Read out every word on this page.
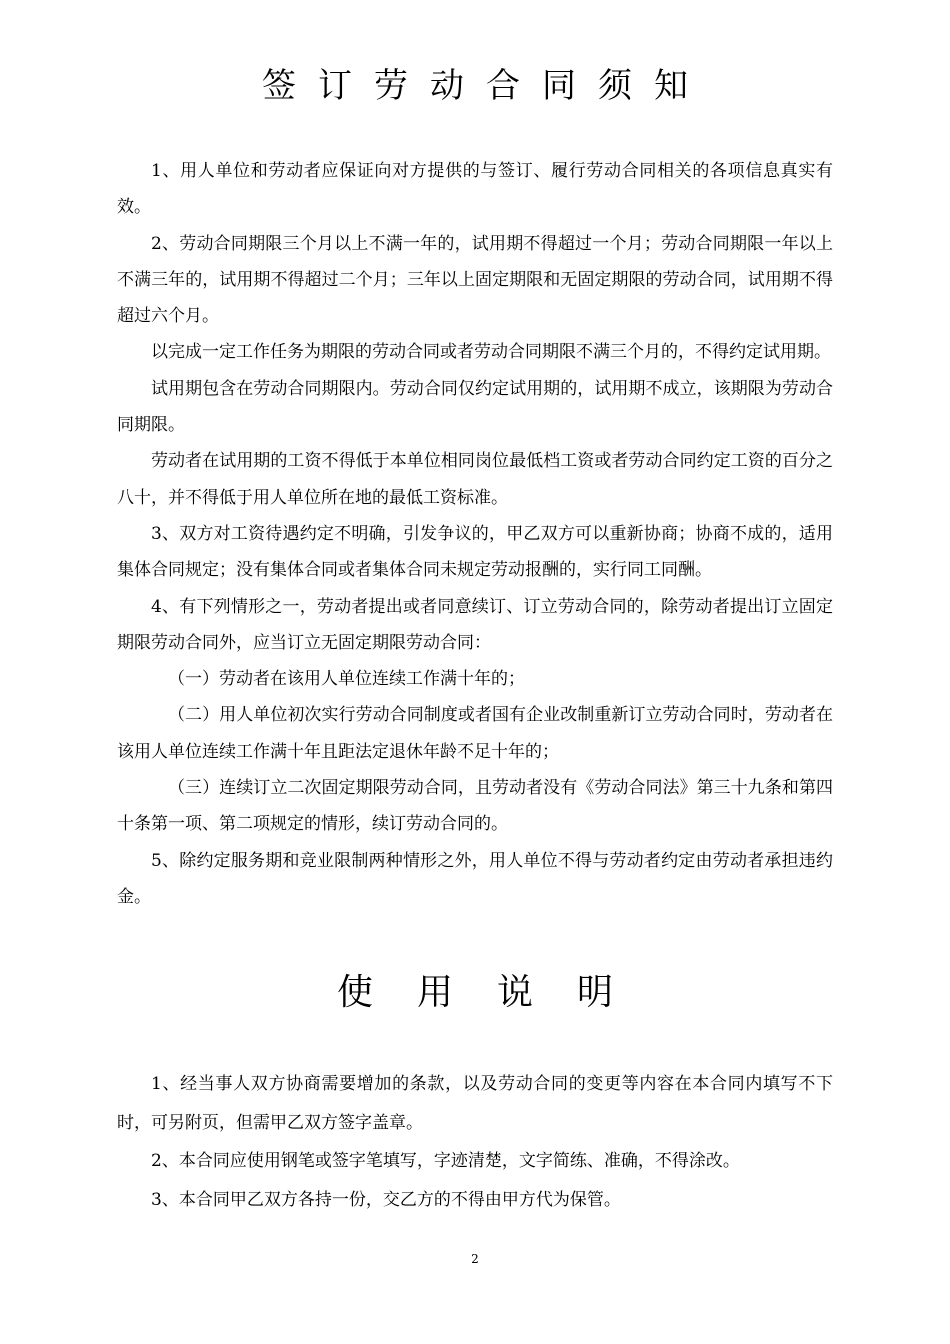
签订劳动合同须知

1、用人单位和劳动者应保证向对方提供的与签订、履行劳动合同相关的各项信息真实有效。

2、劳动合同期限三个月以上不满一年的，试用期不得超过一个月；劳动合同期限一年以上不满三年的，试用期不得超过二个月；三年以上固定期限和无固定期限的劳动合同，试用期不得超过六个月。

以完成一定工作任务为期限的劳动合同或者劳动合同期限不满三个月的，不得约定试用期。

试用期包含在劳动合同期限内。劳动合同仅约定试用期的，试用期不成立，该期限为劳动合同期限。

劳动者在试用期的工资不得低于本单位相同岗位最低档工资或者劳动合同约定工资的百分之八十，并不得低于用人单位所在地的最低工资标准。

3、双方对工资待遇约定不明确，引发争议的，甲乙双方可以重新协商；协商不成的，适用集体合同规定；没有集体合同或者集体合同未规定劳动报酬的，实行同工同酬。

4、有下列情形之一，劳动者提出或者同意续订、订立劳动合同的，除劳动者提出订立固定期限劳动合同外，应当订立无固定期限劳动合同：

（一）劳动者在该用人单位连续工作满十年的；

（二）用人单位初次实行劳动合同制度或者国有企业改制重新订立劳动合同时，劳动者在该用人单位连续工作满十年且距法定退休年龄不足十年的；

（三）连续订立二次固定期限劳动合同，且劳动者没有《劳动合同法》第三十九条和第四十条第一项、第二项规定的情形，续订劳动合同的。

5、除约定服务期和竞业限制两种情形之外，用人单位不得与劳动者约定由劳动者承担违约金。

使 用 说 明

1、经当事人双方协商需要增加的条款，以及劳动合同的变更等内容在本合同内填写不下时，可另附页，但需甲乙双方签字盖章。

2、本合同应使用钢笔或签字笔填写，字迹清楚，文字简练、准确，不得涂改。

3、本合同甲乙双方各持一份，交乙方的不得由甲方代为保管。

2
